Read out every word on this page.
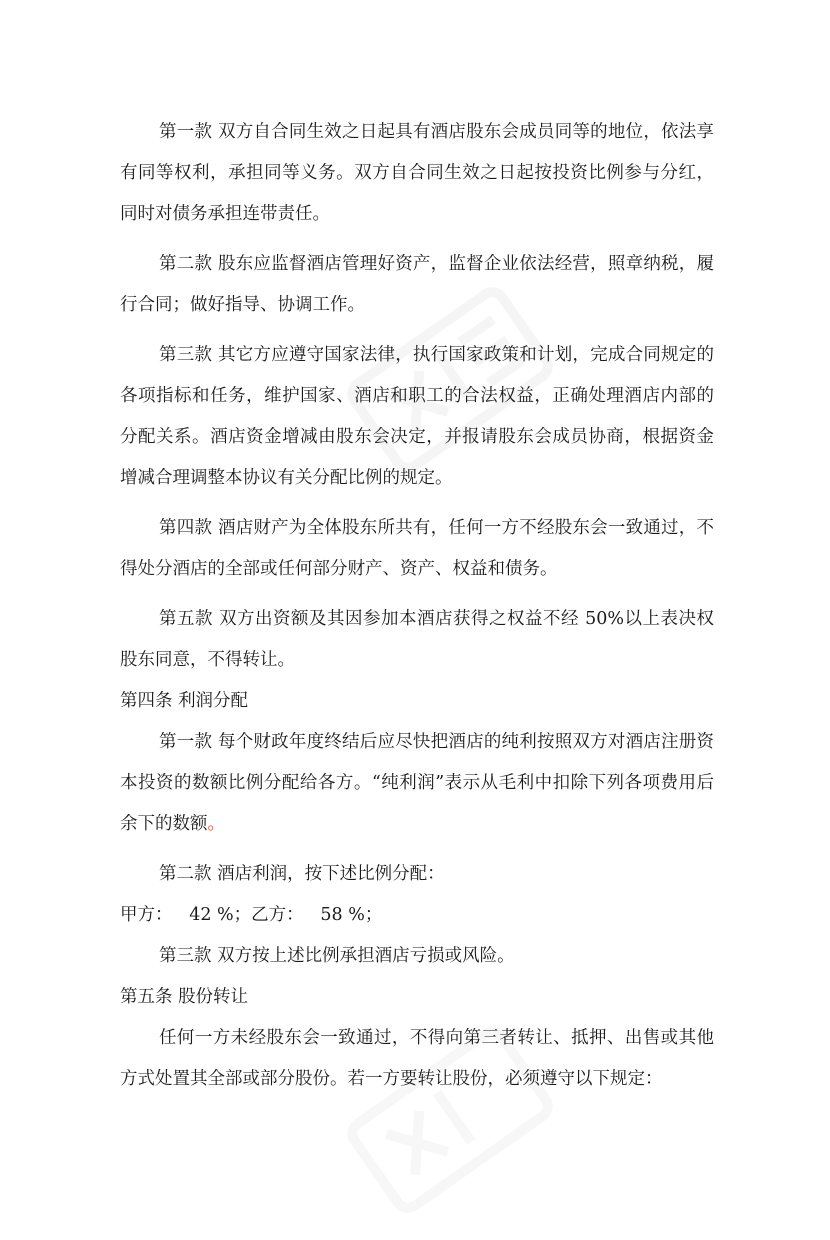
第一款 双方自合同生效之日起具有酒店股东会成员同等的地位，依法享有同等权利，承担同等义务。双方自合同生效之日起按投资比例参与分红，同时对债务承担连带责任。

第二款 股东应监督酒店管理好资产，监督企业依法经营，照章纳税，履行合同；做好指导、协调工作。

第三款 其它方应遵守国家法律，执行国家政策和计划，完成合同规定的各项指标和任务，维护国家、酒店和职工的合法权益，正确处理酒店内部的分配关系。酒店资金增减由股东会决定，并报请股东会成员协商，根据资金增减合理调整本协议有关分配比例的规定。

第四款 酒店财产为全体股东所共有，任何一方不经股东会一致通过，不得处分酒店的全部或任何部分财产、资产、权益和债务。

第五款 双方出资额及其因参加本酒店获得之权益不经 50%以上表决权股东同意，不得转让。

第四条 利润分配

第一款 每个财政年度终结后应尽快把酒店的纯利按照双方对酒店注册资本投资的数额比例分配给各方。“纯利润”表示从毛利中扣除下列各项费用后余下的数额。

第二款 酒店利润，按下述比例分配：

甲方： 42 %；乙方： 58 %；

第三款 双方按上述比例承担酒店亏损或风险。

第五条 股份转让

任何一方未经股东会一致通过，不得向第三者转让、抵押、出售或其他方式处置其全部或部分股份。若一方要转让股份，必须遵守以下规定：
